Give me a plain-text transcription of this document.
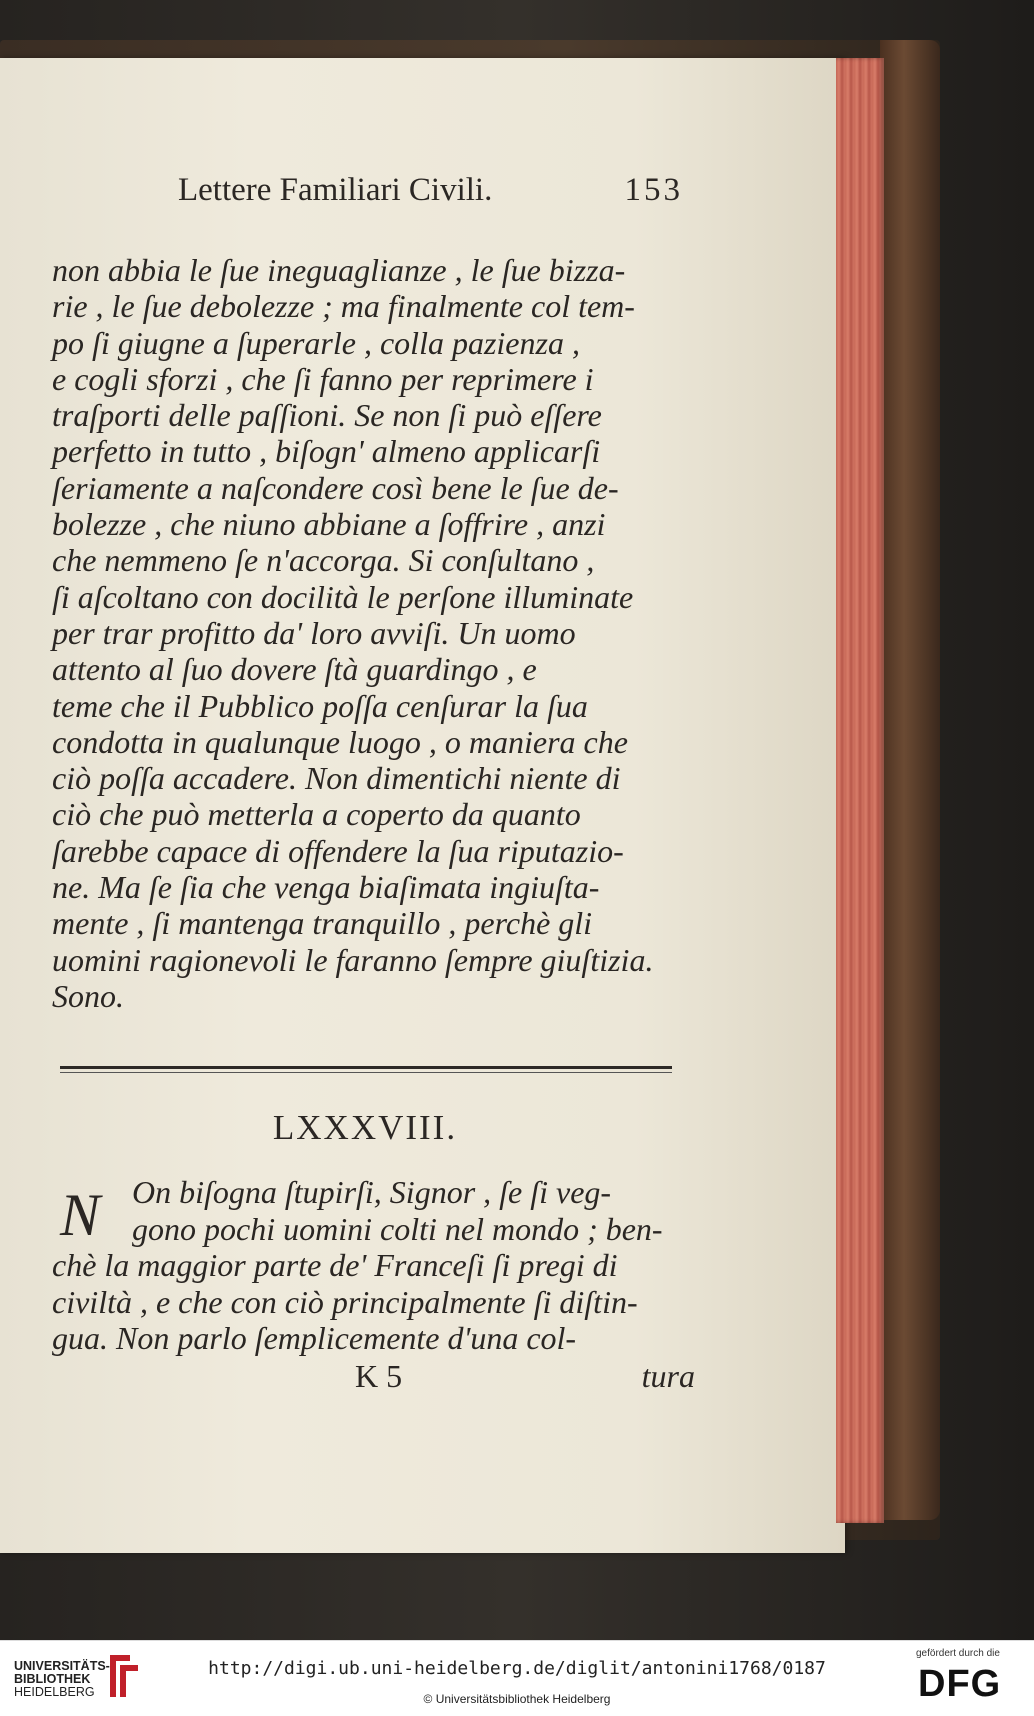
Lettere Familiari Civili.	153
non abbia le ſue ineguaglianze , le ſue bizza-
rie , le ſue debolezze ; ma finalmente col tem-
po ſi giugne a ſuperarle , colla pazienza ,
e cogli sforzi , che ſi fanno per reprimere i
traſporti delle paſſioni. Se non ſi può eſſere
perfetto in tutto , biſogn' almeno applicarſi
ſeriamente a naſcondere così bene le ſue de-
bolezze , che niuno abbiane a ſoffrire , anzi
che nemmeno ſe n'accorga. Si conſultano ,
ſi aſcoltano con docilità le perſone illuminate
per trar profitto da' loro avviſi. Un uomo
attento al ſuo dovere ſtà guardingo , e
teme che il Pubblico poſſa cenſurar la ſua
condotta in qualunque luogo , o maniera che
ciò poſſa accadere. Non dimentichi niente di
ciò che può metterla a coperto da quanto
ſarebbe capace di offendere la ſua riputazio-
ne. Ma ſe ſia che venga biaſimata ingiuſta-
mente , ſi mantenga tranquillo , perchè gli
uomini ragionevoli le faranno ſempre giuſtizia.
Sono.
LXXXVIII.
N On biſogna ſtupirſi, Signor , ſe ſi veg-
gono pochi uomini colti nel mondo ; ben-
chè la maggior parte de' Franceſi ſi pregi di
civiltà , e che con ciò principalmente ſi diſtin-
gua. Non parlo ſemplicemente d'una col-
K 5	tura
UNIVERSITÄTS-
BIBLIOTHEK
HEIDELBERG
http://digi.ub.uni-heidelberg.de/diglit/antonini1768/0187
© Universitätsbibliothek Heidelberg
gefördert durch die
DFG
